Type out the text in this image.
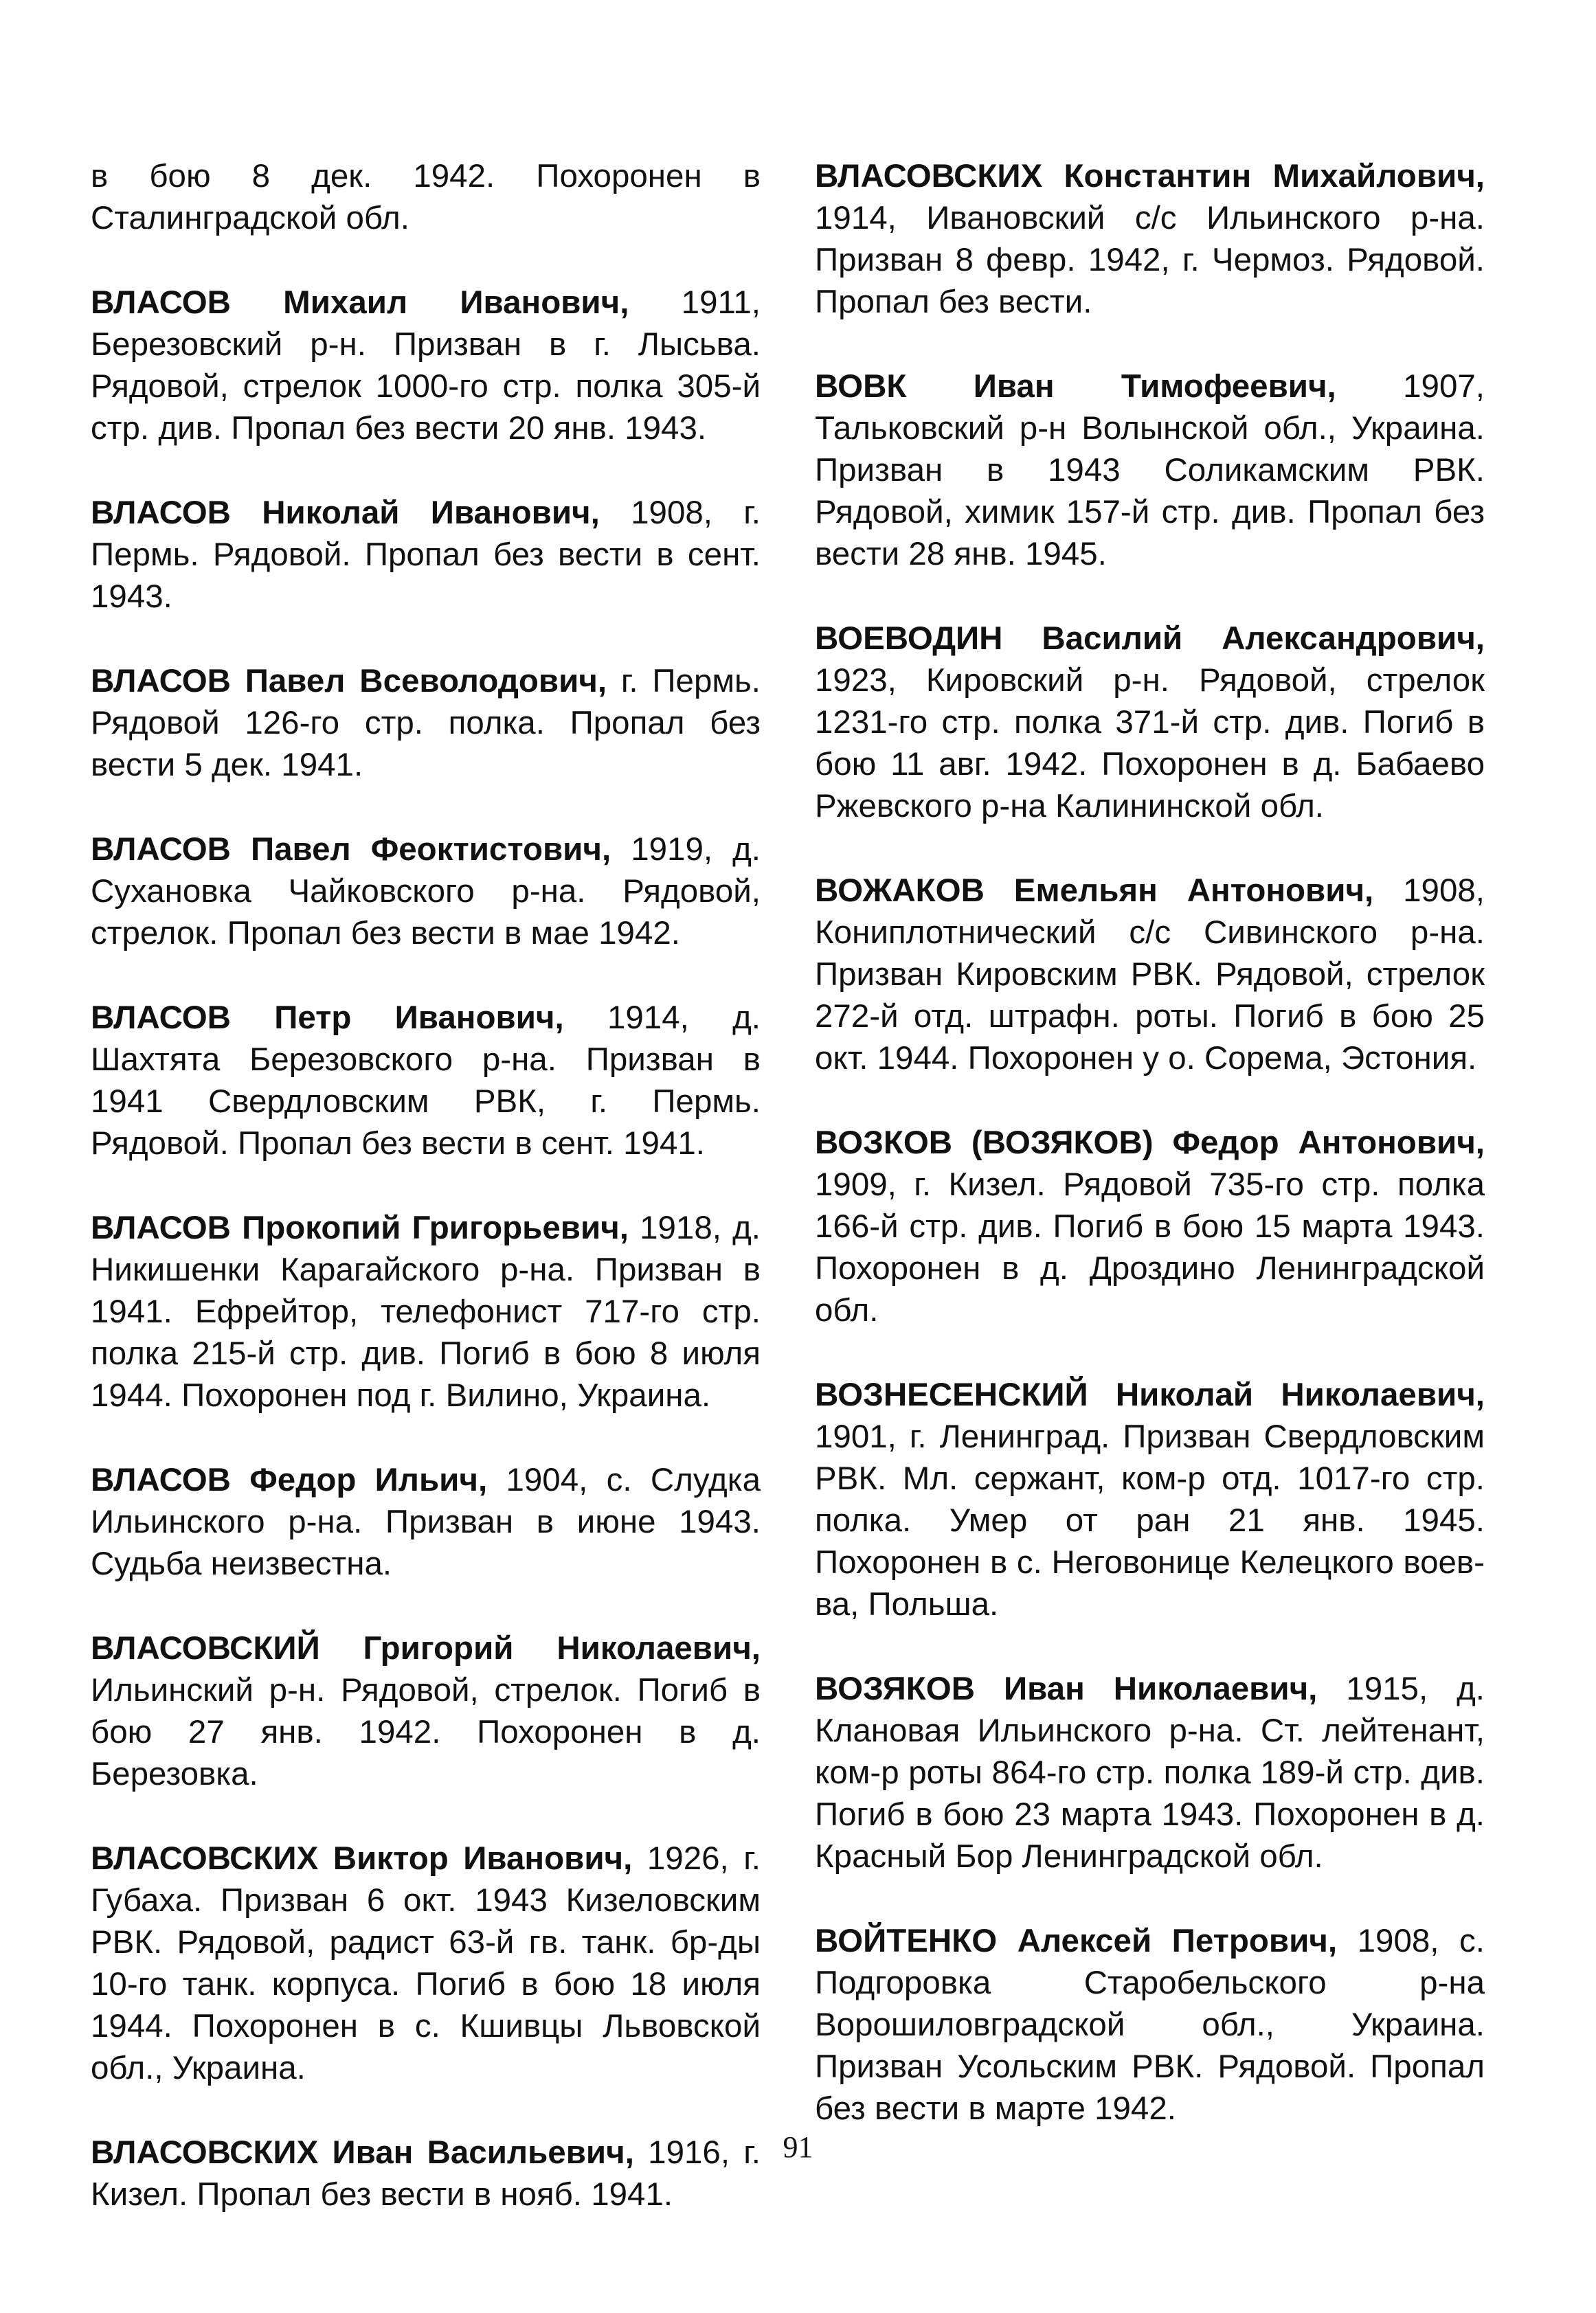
в бою 8 дек. 1942. Похоронен в Сталинградской обл.

ВЛАСОВ Михаил Иванович, 1911, Березовский р-н. Призван в г. Лысьва. Рядовой, стрелок 1000-го стр. полка 305-й стр. див. Пропал без вести 20 янв. 1943.

ВЛАСОВ Николай Иванович, 1908, г. Пермь. Рядовой. Пропал без вести в сент. 1943.

ВЛАСОВ Павел Всеволодович, г. Пермь. Рядовой 126-го стр. полка. Пропал без вести 5 дек. 1941.

ВЛАСОВ Павел Феоктистович, 1919, д. Сухановка Чайковского р-на. Рядовой, стрелок. Пропал без вести в мае 1942.

ВЛАСОВ Петр Иванович, 1914, д. Шахтята Березовского р-на. Призван в 1941 Свердловским РВК, г. Пермь. Рядовой. Пропал без вести в сент. 1941.

ВЛАСОВ Прокопий Григорьевич, 1918, д. Никишенки Карагайского р-на. Призван в 1941. Ефрейтор, телефонист 717-го стр. полка 215-й стр. див. Погиб в бою 8 июля 1944. Похоронен под г. Вилино, Украина.

ВЛАСОВ Федор Ильич, 1904, с. Слудка Ильинского р-на. Призван в июне 1943. Судьба неизвестна.

ВЛАСОВСКИЙ Григорий Николаевич, Ильинский р-н. Рядовой, стрелок. Погиб в бою 27 янв. 1942. Похоронен в д. Березовка.

ВЛАСОВСКИХ Виктор Иванович, 1926, г. Губаха. Призван 6 окт. 1943 Кизеловским РВК. Рядовой, радист 63-й гв. танк. бр-ды 10-го танк. корпуса. Погиб в бою 18 июля 1944. Похоронен в с. Кшивцы Львовской обл., Украина.

ВЛАСОВСКИХ Иван Васильевич, 1916, г. Кизел. Пропал без вести в нояб. 1941.

ВЛАСОВСКИХ Константин Михайлович, 1914, Ивановский с/с Ильинского р-на. Призван 8 февр. 1942, г. Чермоз. Рядовой. Пропал без вести.

ВОВК Иван Тимофеевич, 1907, Тальковский р-н Волынской обл., Украина. Призван в 1943 Соликамским РВК. Рядовой, химик 157-й стр. див. Пропал без вести 28 янв. 1945.

ВОЕВОДИН Василий Александрович, 1923, Кировский р-н. Рядовой, стрелок 1231-го стр. полка 371-й стр. див. Погиб в бою 11 авг. 1942. Похоронен в д. Бабаево Ржевского р-на Калининской обл.

ВОЖАКОВ Емельян Антонович, 1908, Кониплотнический с/с Сивинского р-на. Призван Кировским РВК. Рядовой, стрелок 272-й отд. штрафн. роты. Погиб в бою 25 окт. 1944. Похоронен у о. Сорема, Эстония.

ВОЗКОВ (ВОЗЯКОВ) Федор Антонович, 1909, г. Кизел. Рядовой 735-го стр. полка 166-й стр. див. Погиб в бою 15 марта 1943. Похоронен в д. Дроздино Ленинградской обл.

ВОЗНЕСЕНСКИЙ Николай Николаевич, 1901, г. Ленинград. Призван Свердловским РВК. Мл. сержант, ком-р отд. 1017-го стр. полка. Умер от ран 21 янв. 1945. Похоронен в с. Неговонице Келецкого воев-ва, Польша.

ВОЗЯКОВ Иван Николаевич, 1915, д. Клановая Ильинского р-на. Ст. лейтенант, ком-р роты 864-го стр. полка 189-й стр. див. Погиб в бою 23 марта 1943. Похоронен в д. Красный Бор Ленинградской обл.

ВОЙТЕНКО Алексей Петрович, 1908, с. Подгоровка Старобельского р-на Ворошиловградской обл., Украина. Призван Усольским РВК. Рядовой. Пропал без вести в марте 1942.

91
